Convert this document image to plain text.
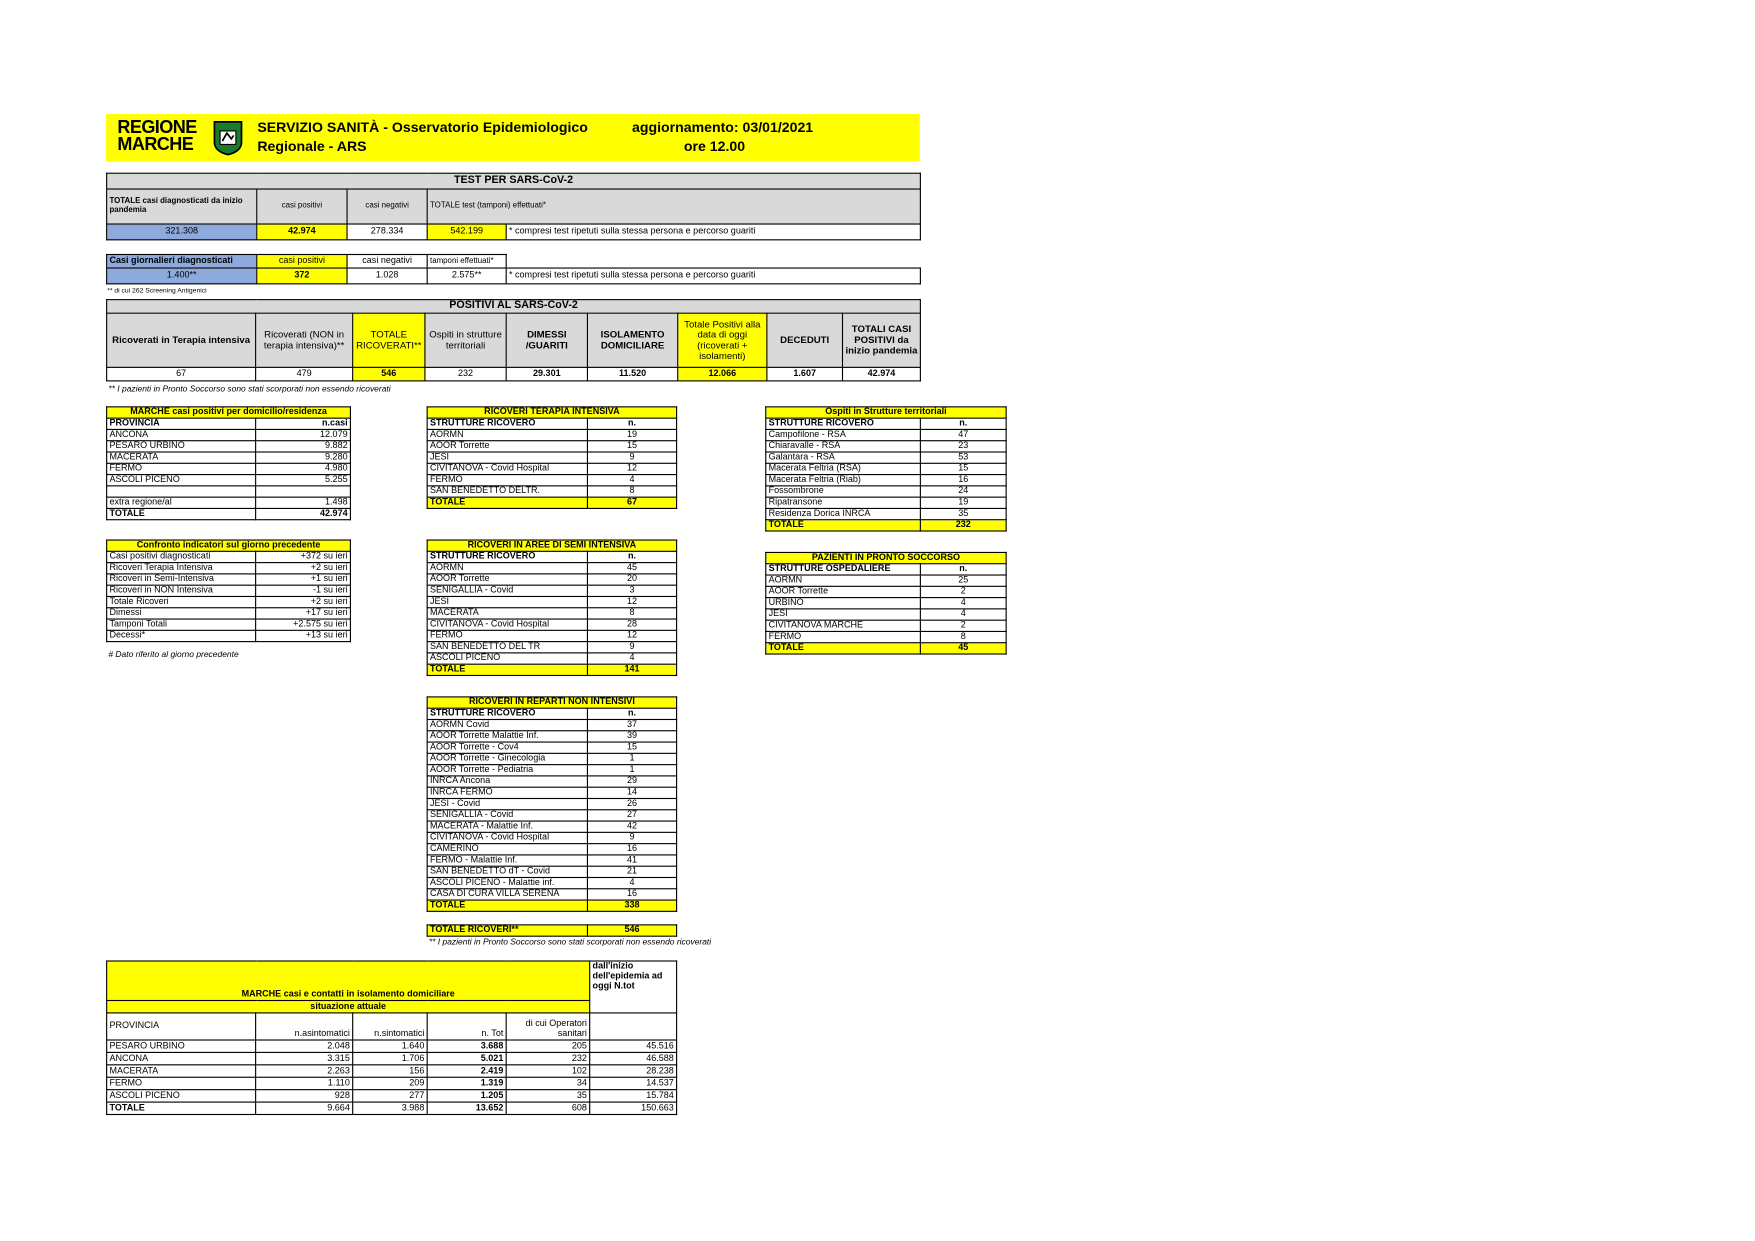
REGIONE
MARCHE
SERVIZIO SANITÀ - Osservatorio Epidemiologico
Regionale - ARS
aggiornamento: 03/01/2021
ore 12.00
TEST PER SARS-CoV-2				
TOTALE casi diagnosticati da inizio pandemia	casi positivi	casi negativi	TOTALE test (tamponi) effettuati*	
321.308	42.974	278.334	542.199	* compresi test ripetuti sulla stessa persona e percorso guariti
Casi giornalieri diagnosticati	casi positivi	casi negativi	tamponi effettuati*	
1.400**	372	1.028	2.575**	* compresi test ripetuti sulla stessa persona e percorso guariti
** di cui 262 Screening Antigenici
POSITIVI AL SARS-CoV-2								
Ricoverati in Terapia intensiva	Ricoverati (NON in terapia intensiva)**	TOTALE RICOVERATI**	Ospiti in strutture territoriali	DIMESSI /GUARITI	ISOLAMENTO DOMICILIARE	Totale Positivi alla data di oggi (ricoverati + isolamenti)	DECEDUTI	TOTALI CASI POSITIVI da inizio pandemia
67	479	546	232	29.301	11.520	12.066	1.607	42.974
** I pazienti in Pronto Soccorso sono stati scorporati non essendo ricoverati
MARCHE casi positivi per domicilio/residenza	
PROVINCIA	n.casi
ANCONA	12.079
PESARO URBINO	9.882
MACERATA	9.280
FERMO	4.980
ASCOLI PICENO	5.255

extra regione/al	1.498
TOTALE	42.974
Confronto indicatori sul giorno precedente	
Casi positivi diagnosticati	+372 su ieri
Ricoveri Terapia Intensiva	+2 su ieri
Ricoveri in Semi-Intensiva	+1 su ieri
Ricoveri in NON Intensiva	-1 su ieri
Totale Ricoveri	+2 su ieri
Dimessi	+17 su ieri
Tamponi Totali	+2.575 su ieri
Decessi*	+13 su ieri
# Dato riferito al giorno precedente
RICOVERI TERAPIA INTENSIVA	
STRUTTURE RICOVERO	n.
AORMN	19
AOOR Torrette	15
JESI	9
CIVITANOVA - Covid Hospital	12
FERMO	4
SAN BENEDETTO DELTR.	8
TOTALE	67
RICOVERI IN AREE DI SEMI INTENSIVA	
STRUTTURE RICOVERO	n.
AORMN	45
AOOR Torrette	20
SENIGALLIA - Covid	3
JESI	12
MACERATA	8
CIVITANOVA - Covid Hospital	28
FERMO	12
SAN BENEDETTO DEL TR	9
ASCOLI PICENO	4
TOTALE	141
RICOVERI IN REPARTI NON INTENSIVI	
STRUTTURE RICOVERO	n.
AORMN Covid	37
AOOR Torrette Malattie Inf.	39
AOOR Torrette - Cov4	15
AOOR Torrette - Ginecologia	1
AOOR Torrette - Pediatria	1
INRCA Ancona	29
INRCA FERMO	14
JESI - Covid	26
SENIGALLIA - Covid	27
MACERATA - Malattie Inf.	42
CIVITANOVA - Covid Hospital	9
CAMERINO	16
FERMO - Malattie Inf.	41
SAN BENEDETTO dT - Covid	21
ASCOLI PICENO - Malattie inf.	4
CASA DI CURA VILLA SERENA	16
TOTALE	338
TOTALE RICOVERI**	546
** I pazienti in Pronto Soccorso sono stati scorporati non essendo ricoverati
Ospiti in Strutture territoriali	
STRUTTURE RICOVERO	n.
Campofilone - RSA	47
Chiaravalle - RSA	23
Galantara - RSA	53
Macerata Feltria (RSA)	15
Macerata Feltria (Riab)	16
Fossombrone	24
Ripatransone	19
Residenza Dorica INRCA	35
TOTALE	232
PAZIENTI IN PRONTO SOCCORSO	
STRUTTURE OSPEDALIERE	n.
AORMN	25
AOOR Torrette	2
URBINO	4
JESI	4
CIVITANOVA MARCHE	2
FERMO	8
TOTALE	45
MARCHE casi e contatti in isolamento domiciliare					dall'inizio dell'epidemia ad oggi N.tot
situazione attuale					
PROVINCIA	n.asintomatici	n.sintomatici	n. Tot	di cui Operatori sanitari	
PESARO URBINO	2.048	1.640	3.688	205	45.516
ANCONA	3.315	1.706	5.021	232	46.588
MACERATA	2.263	156	2.419	102	28.238
FERMO	1.110	209	1.319	34	14.537
ASCOLI PICENO	928	277	1.205	35	15.784
TOTALE	9.664	3.988	13.652	608	150.663
